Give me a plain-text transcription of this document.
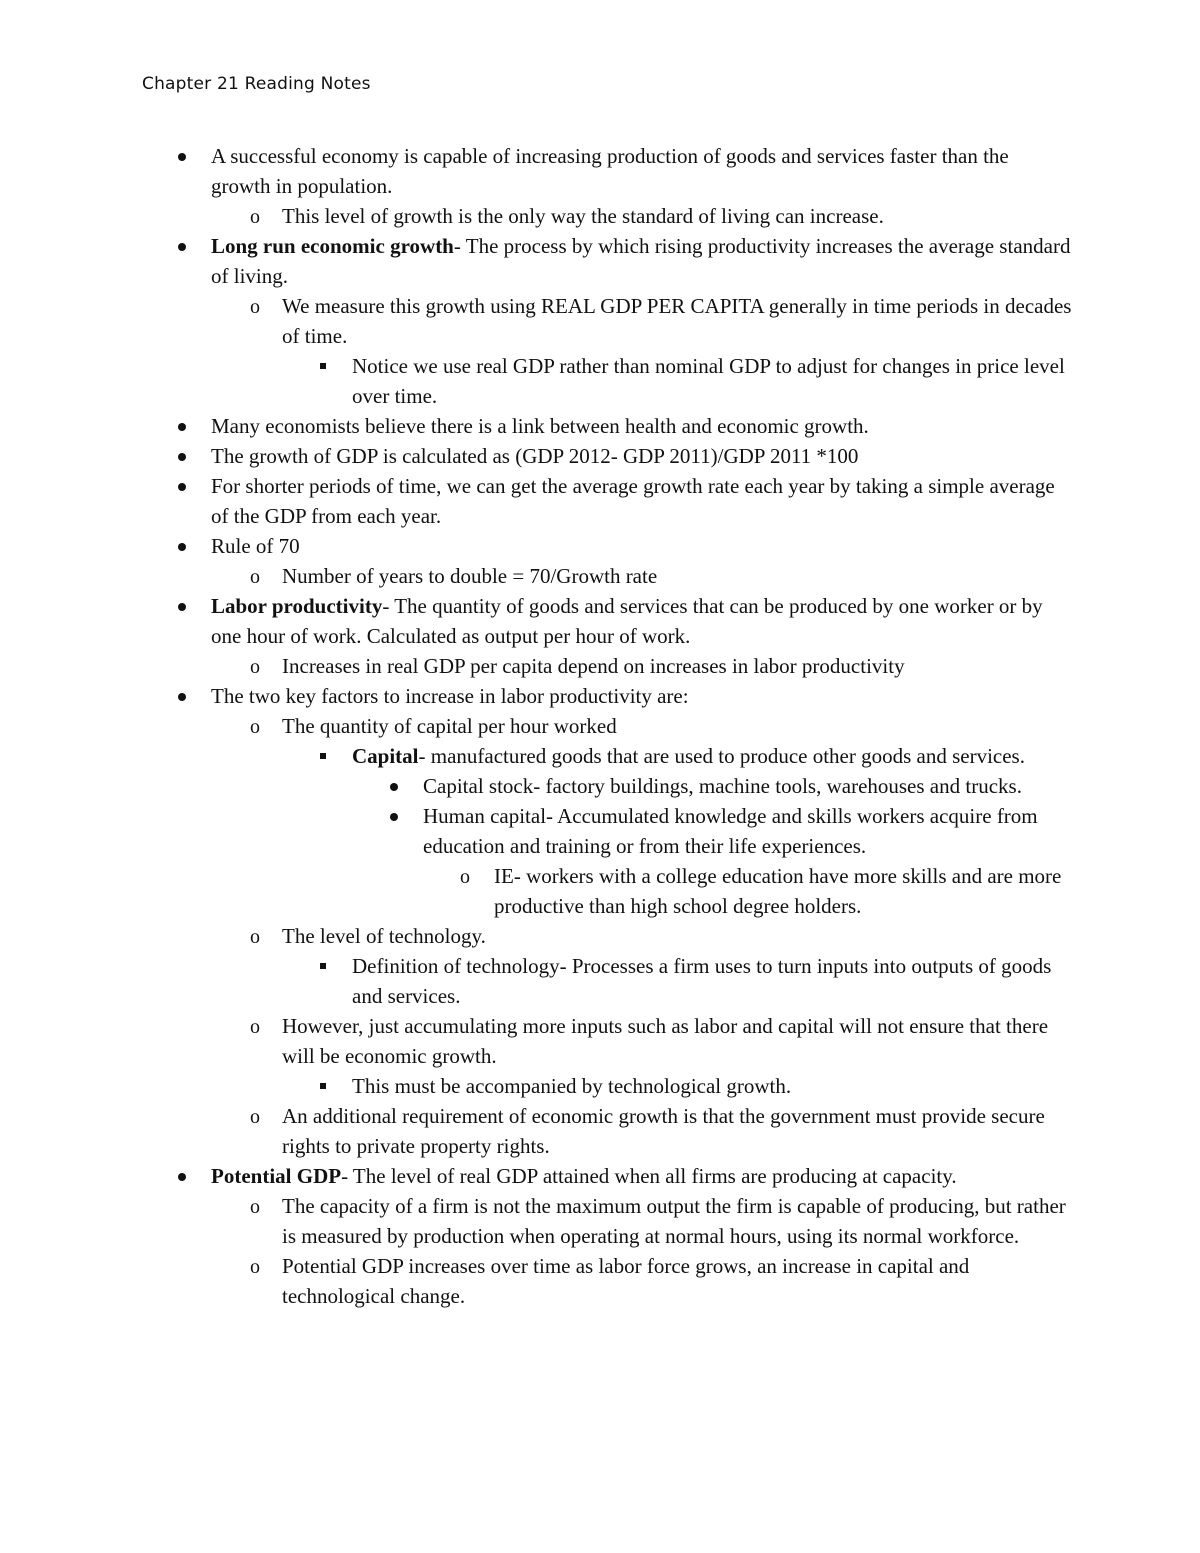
Chapter 21 Reading Notes
A successful economy is capable of increasing production of goods and services faster than the growth in population.
o This level of growth is the only way the standard of living can increase.
Long run economic growth- The process by which rising productivity increases the average standard of living.
o We measure this growth using REAL GDP PER CAPITA generally in time periods in decades of time.
Notice we use real GDP rather than nominal GDP to adjust for changes in price level over time.
Many economists believe there is a link between health and economic growth.
The growth of GDP is calculated as (GDP 2012- GDP 2011)/GDP 2011 *100
For shorter periods of time, we can get the average growth rate each year by taking a simple average of the GDP from each year.
Rule of 70
o Number of years to double = 70/Growth rate
Labor productivity- The quantity of goods and services that can be produced by one worker or by one hour of work. Calculated as output per hour of work.
o Increases in real GDP per capita depend on increases in labor productivity
The two key factors to increase in labor productivity are:
o The quantity of capital per hour worked
Capital- manufactured goods that are used to produce other goods and services.
Capital stock- factory buildings, machine tools, warehouses and trucks.
Human capital- Accumulated knowledge and skills workers acquire from education and training or from their life experiences.
o IE- workers with a college education have more skills and are more productive than high school degree holders.
o The level of technology.
Definition of technology- Processes a firm uses to turn inputs into outputs of goods and services.
o However, just accumulating more inputs such as labor and capital will not ensure that there will be economic growth.
This must be accompanied by technological growth.
o An additional requirement of economic growth is that the government must provide secure rights to private property rights.
Potential GDP- The level of real GDP attained when all firms are producing at capacity.
o The capacity of a firm is not the maximum output the firm is capable of producing, but rather is measured by production when operating at normal hours, using its normal workforce.
o Potential GDP increases over time as labor force grows, an increase in capital and technological change.
